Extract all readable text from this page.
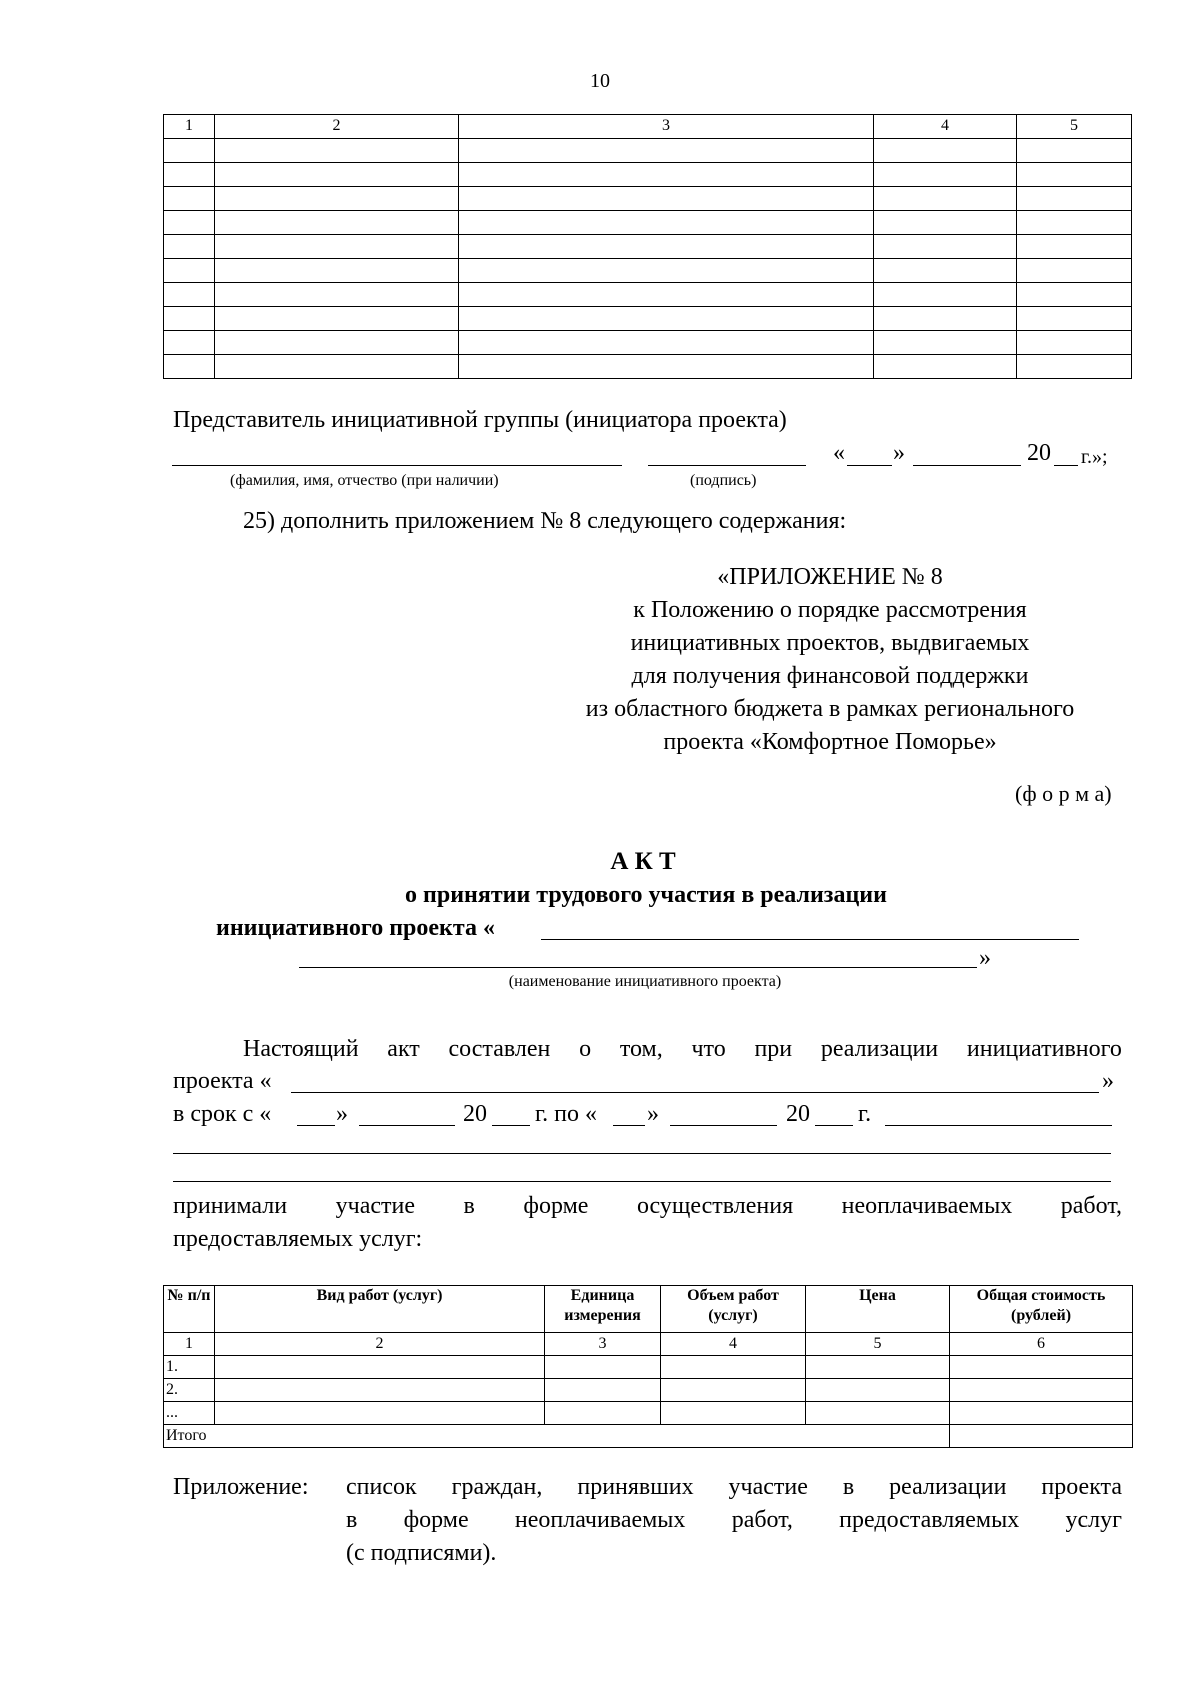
10
1	2	3	4	5

Представитель инициативной группы (инициатора проекта)
« »	20 г.»;
(фамилия, имя, отчество (при наличии)	(подпись)
25) дополнить приложением № 8 следующего содержания:
«ПРИЛОЖЕНИЕ № 8
к Положению о порядке рассмотрения
инициативных проектов, выдвигаемых
для получения финансовой поддержки
из областного бюджета в рамках регионального
проекта «Комфортное Поморье»
(ф о р м а)
А К Т
о принятии трудового участия в реализации
инициативного проекта «
»
(наименование инициативного проекта)
Настоящий акт составлен о том, что при реализации инициативного
проекта «	»
в срок с «	»	20 г. по « »	20 г.
принимали участие в форме осуществления неоплачиваемых работ,
предоставляемых услуг:
№ п/п	Вид работ (услуг)	Единица измерения	Объем работ (услуг)	Цена	Общая стоимость (рублей)
1	2	3	4	5	6
1.					
2.					
...					
Итого					
Приложение: список граждан, принявших участие в реализации проекта
в форме неоплачиваемых работ, предоставляемых услуг
(с подписями).
